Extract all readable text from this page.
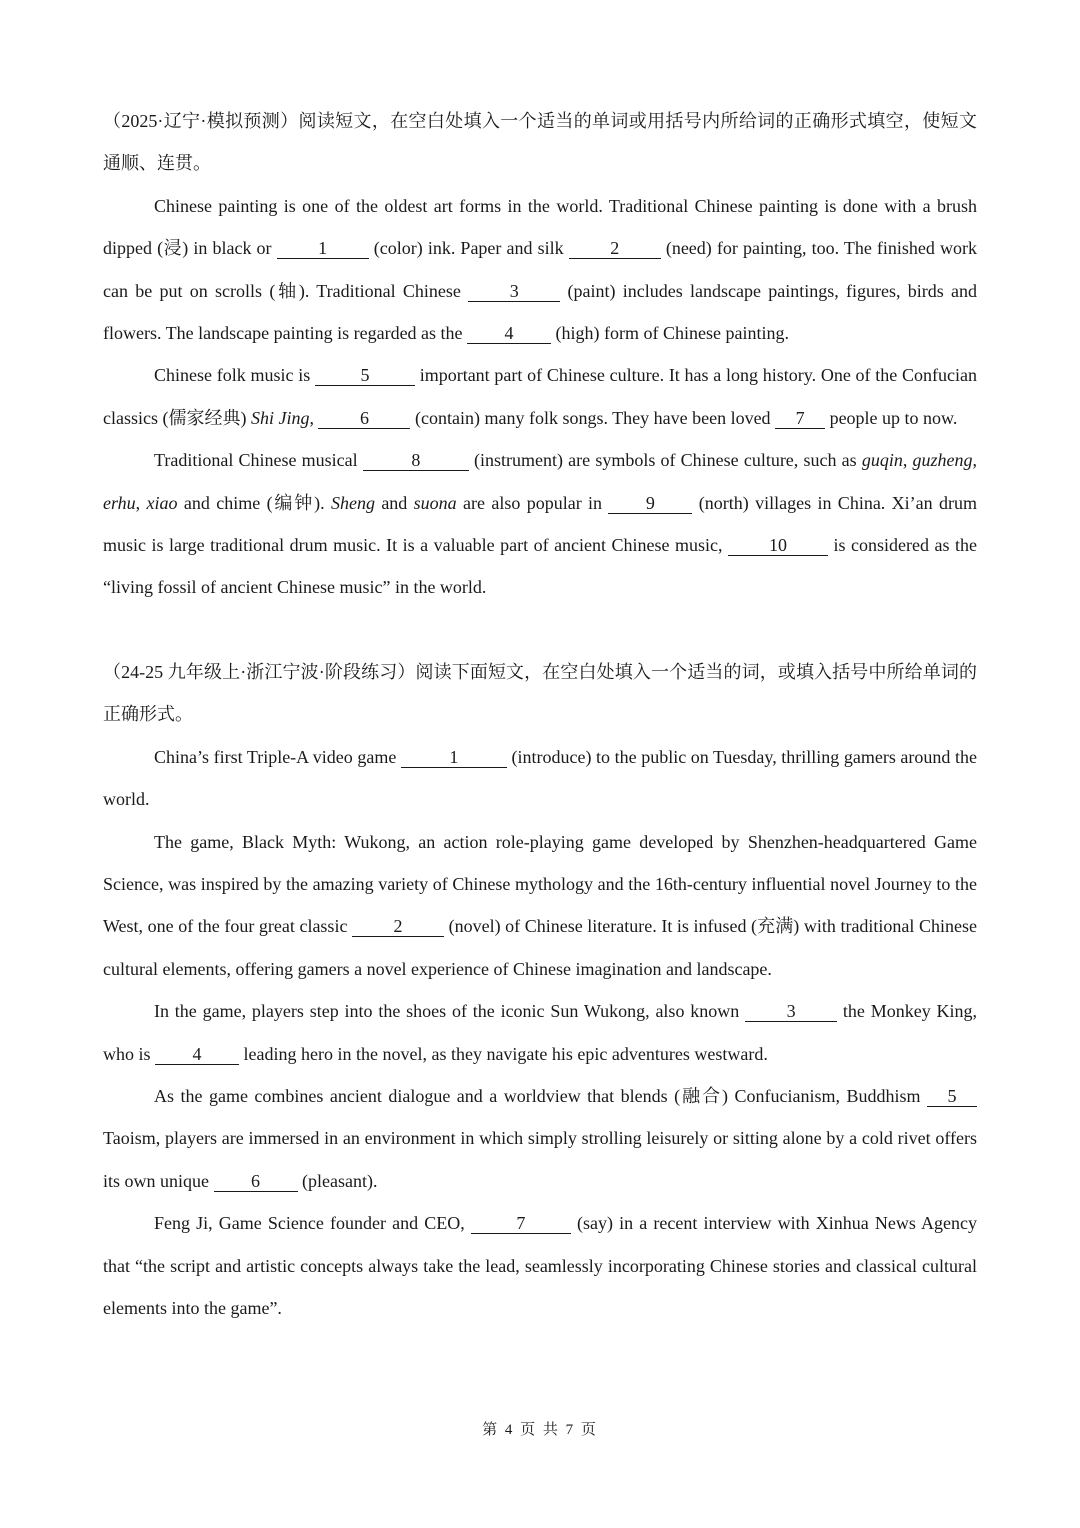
（2025·辽宁·模拟预测）阅读短文，在空白处填入一个适当的单词或用括号内所给词的正确形式填空，使短文通顺、连贯。

Chinese painting is one of the oldest art forms in the world. Traditional Chinese painting is done with a brush dipped (浸) in black or 1 (color) ink. Paper and silk 2 (need) for painting, too. The finished work can be put on scrolls (轴). Traditional Chinese 3 (paint) includes landscape paintings, figures, birds and flowers. The landscape painting is regarded as the 4 (high) form of Chinese painting.

Chinese folk music is	5	important part of Chinese culture. It has a long history. One of the Confucian classics (儒家经典) Shi Jing, 6 (contain) many folk songs. They have been loved 7 people up to now.

Traditional Chinese musical	8	(instrument) are symbols of Chinese culture, such as guqin, guzheng, erhu, xiao and chime (编钟). Sheng and suona are also popular in 9 (north) villages in China. Xi’an drum music is large traditional drum music. It is a valuable part of ancient Chinese music, 10 is considered as the “living fossil of ancient Chinese music” in the world.

（24-25 九年级上·浙江宁波·阶段练习）阅读下面短文，在空白处填入一个适当的词，或填入括号中所给单词的正确形式。

China’s first Triple-A video game	1	(introduce) to the public on Tuesday, thrilling gamers around the world.

The game, Black Myth: Wukong, an action role-playing game developed by Shenzhen-headquartered Game Science, was inspired by the amazing variety of Chinese mythology and the 16th-century influential novel Journey to the West, one of the four great classic 2 (novel) of Chinese literature. It is infused (充满) with traditional Chinese cultural elements, offering gamers a novel experience of Chinese imagination and landscape.

In the game, players step into the shoes of the iconic Sun Wukong, also known 3 the Monkey King, who is 4 leading hero in the novel, as they navigate his epic adventures westward.

As the game combines ancient dialogue and a worldview that blends (融合) Confucianism, Buddhism 5 Taoism, players are immersed in an environment in which simply strolling leisurely or sitting alone by a cold rivet offers its own unique 6 (pleasant).

Feng Ji, Game Science founder and CEO,	7	(say) in a recent interview with Xinhua News Agency that “the script and artistic concepts always take the lead, seamlessly incorporating Chinese stories and classical cultural elements into the game”.

第 4 页 共 7 页
